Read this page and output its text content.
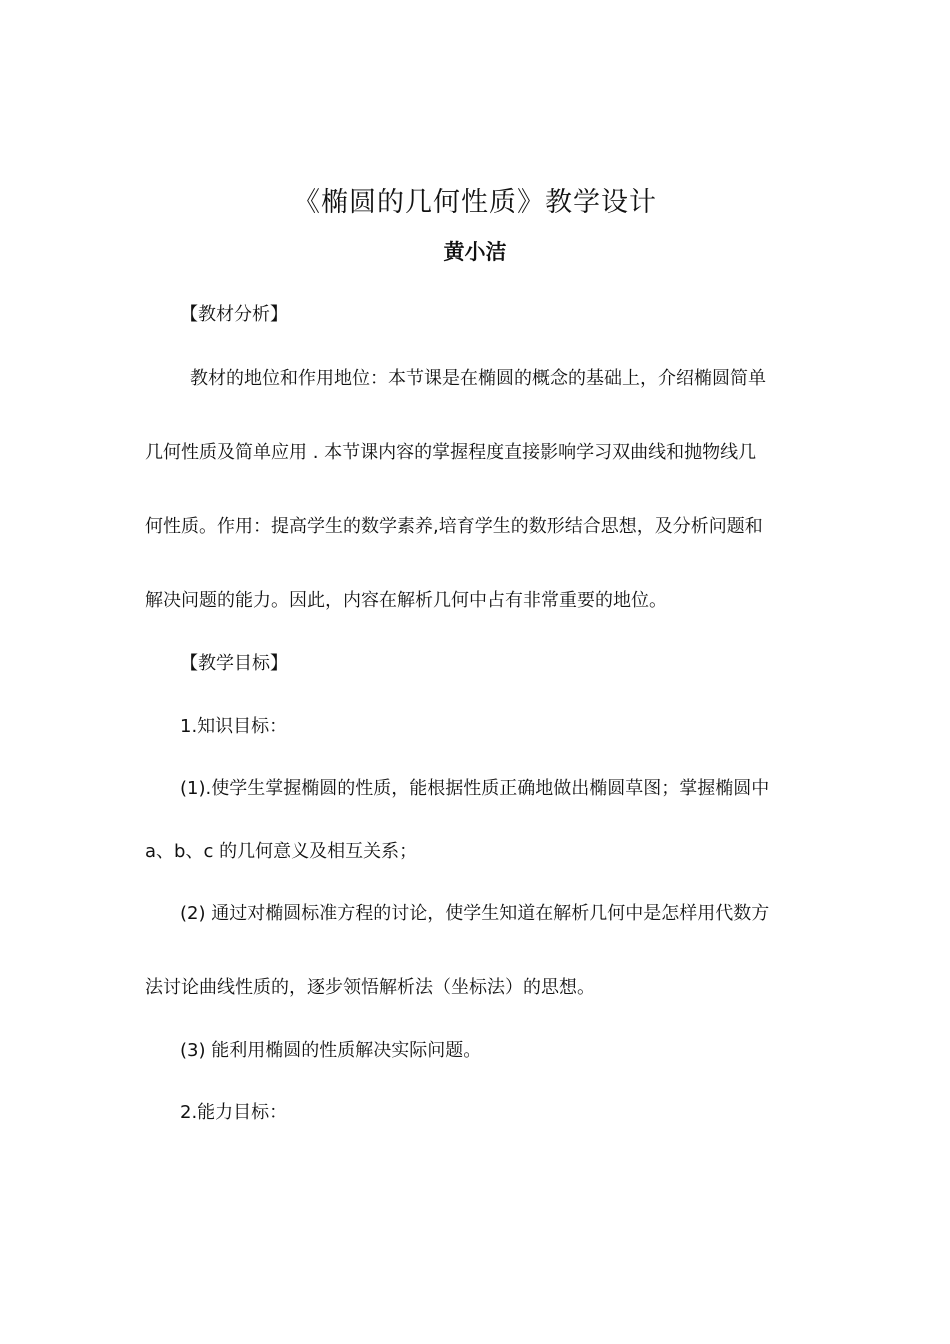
《椭圆的几何性质》教学设计
黄小洁
【教材分析】
教材的地位和作用地位：本节课是在椭圆的概念的基础上，介绍椭圆简单
几何性质及简单应用 . 本节课内容的掌握程度直接影响学习双曲线和抛物线几
何性质。作用：提高学生的数学素养,培育学生的数形结合思想，及分析问题和
解决问题的能力。因此，内容在解析几何中占有非常重要的地位。
【教学目标】
1.知识目标：
(1).使学生掌握椭圆的性质，能根据性质正确地做出椭圆草图；掌握椭圆中
a、b、c 的几何意义及相互关系；
(2) 通过对椭圆标准方程的讨论，使学生知道在解析几何中是怎样用代数方
法讨论曲线性质的，逐步领悟解析法（坐标法）的思想。
(3) 能利用椭圆的性质解决实际问题。
2.能力目标：
